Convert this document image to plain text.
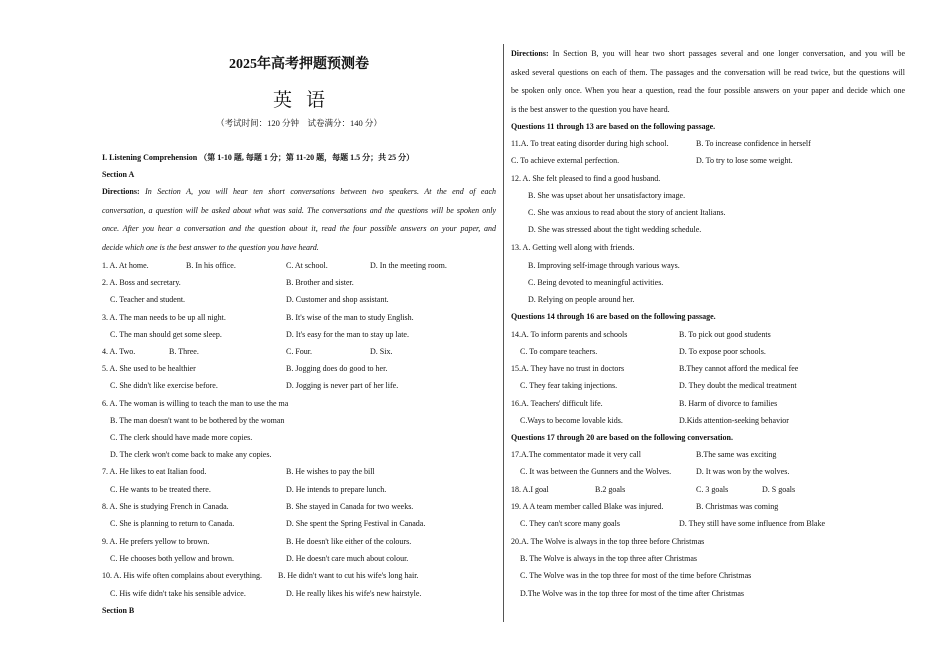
2025年高考押题预测卷
英语
（考试时间：120 分钟　试卷满分：140 分）
I. Listening Comprehension （第 1-10 题, 每题 1 分；第 11-20 题，每题 1.5 分；共 25 分）
Section A
Directions: In Section A, you will hear ten short conversations between two speakers. At the end of each
conversation, a question will be asked about what was said. The conversations and the questions will be spoken only
once. After you hear a conversation and the question about it, read the four possible answers on your paper, and
decide which one is the best answer to the question you have heard.
1. A. At home.	B. In his office.	C. At school.	D. In the meeting room.
2. A. Boss and secretary.	B. Brother and sister.
C. Teacher and student.	D. Customer and shop assistant.
3. A. The man needs to be up all night.	B. It's wise of the man to study English.
C. The man should get some sleep.	D. It's easy for the man to stay up late.
4. A. Two.	B. Three.	C. Four.	D. Six.
5. A. She used to be healthier	B. Jogging does do good to her.
C. She didn't like exercise before.	D. Jogging is never part of her life.
6. A. The woman is willing to teach the man to use the ma
B. The man doesn't want to be bothered by the woman
C. The clerk should have made more copies.
D. The clerk won't come back to make any copies.
7. A. He likes to eat Italian food.	B. He wishes to pay the bill
C. He wants to be treated there.	D. He intends to prepare lunch.
8. A. She is studying French in Canada.	B. She stayed in Canada for two weeks.
C. She is planning to return to Canada.	D. She spent the Spring Festival in Canada.
9. A. He prefers yellow to brown.	B. He doesn't like either of the colours.
C. He chooses both yellow and brown.	D. He doesn't care much about colour.
10. A. His wife often complains about everything. B. He didn't want to cut his wife's long hair.
C. His wife didn't take his sensible advice.	D. He really likes his wife's new hairstyle.
Section B
Directions: In Section B, you will hear two short passages several and one longer conversation, and you will be
asked several questions on each of them. The passages and the conversation will be read twice, but the questions will
be spoken only once. When you hear a question, read the four possible answers on your paper and decide which one
is the best answer to the question you have heard.
Questions 11 through 13 are based on the following passage.
11.A. To treat eating disorder during high school.	B. To increase confidence in herself
C. To achieve external perfection.	D. To try to lose some weight.
12. A. She felt pleased to find a good husband.
B. She was upset about her unsatisfactory image.
C. She was anxious to read about the story of ancient Italians.
D. She was stressed about the tight wedding schedule.
13. A. Getting well along with friends.
B. Improving self-image through various ways.
C. Being devoted to meaningful activities.
D. Relying on people around her.
Questions 14 through 16 are based on the following passage.
14.A. To inform parents and schools	B. To pick out good students
C. To compare teachers.	D. To expose poor schools.
15.A. They have no trust in doctors	B.They cannot afford the medical fee
C. They fear taking injections.	D. They doubt the medical treatment
16.A. Teachers' difficult life.	B. Harm of divorce to families
C.Ways to become lovable kids.	D.Kids attention-seeking behavior
Questions 17 through 20 are based on the following conversation.
17.A.The commentator made it very call	B.The same was exciting
C. It was between the Gunners and the Wolves.	D. It was won by the wolves.
18. A.I goal	B.2 goals	C. 3 goals	D. S goals
19. A A team member called Blake was injured.	B. Christmas was coming
C. They can't score many goals	D. They still have some influence from Blake
20.A. The Wolve is always in the top three before Christmas
B. The Wolve is always in the top three after Christmas
C. The Wolve was in the top three for most of the time before Christmas
D.The Wolve was in the top three for most of the time after Christmas
